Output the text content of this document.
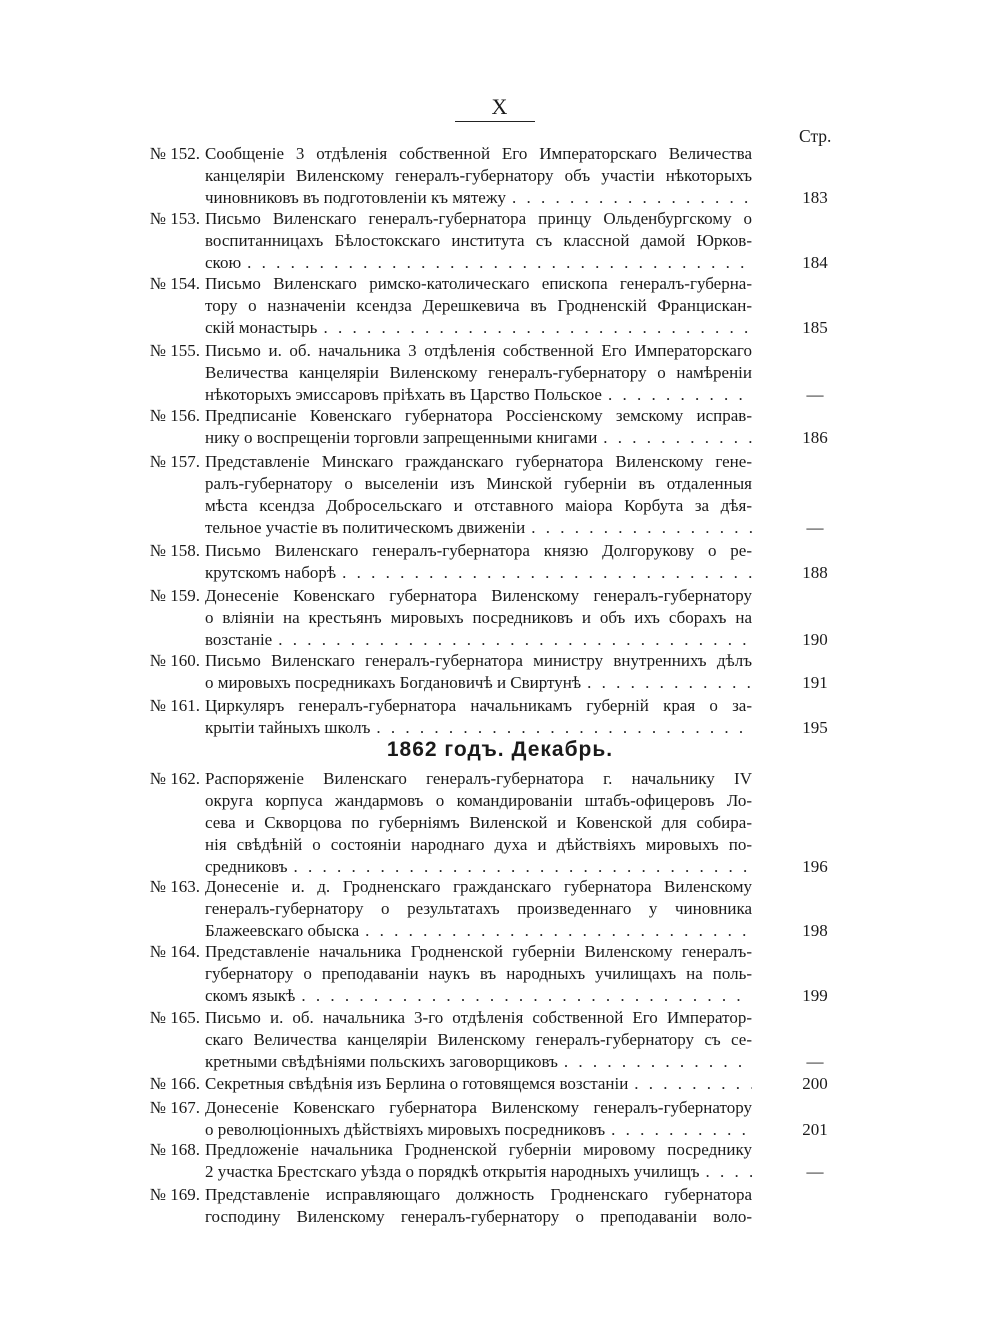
X
Стр.
1862 годъ. Декабрь.
№ 152. Сообщеніе 3 отдѣленія собственной Его Императорскаго Величества
канцеляріи Виленскому генералъ-губернатору объ участіи нѣкоторыхъ
чиновниковъ въ подготовленіи къ мятежу . . .	183
№ 153. Письмо Виленскаго генералъ-губернатора принцу Ольденбургскому о
воспитанницахъ Бѣлостокскаго института съ классной дамой Юрков-
скою . . .	184
№ 154. Письмо Виленскаго римско-католическаго епископа генералъ-губерна-
тору о назначеніи ксендза Дерешкевича въ Гродненскій Францискан-
скій монастырь . . .	185
№ 155. Письмо и. об. начальника 3 отдѣленія собственной Его Императорскаго
Величества канцеляріи Виленскому генералъ-губернатору о намѣреніи
нѣкоторыхъ эмиссаровъ пріѣхать въ Царство Польское . . .	—
№ 156. Предписаніе Ковенскаго губернатора Россіенскому земскому исправ-
нику о воспрещеніи торговли запрещенными книгами . . .	186
№ 157. Представленіе Минскаго гражданскаго губернатора Виленскому гене-
ралъ-губернатору о выселеніи изъ Минской губерніи въ отдаленныя
мѣста ксендза Добросельскаго и отставного маіора Корбута за дѣя-
тельное участіе въ политическомъ движеніи . . .	—
№ 158. Письмо Виленскаго генералъ-губернатора князю Долгорукову о ре-
крутскомъ наборѣ . . .	188
№ 159. Донесеніе Ковенскаго губернатора Виленскому генералъ-губернатору
о вліяніи на крестьянъ мировыхъ посредниковъ и объ ихъ сборахъ на
возстаніе . . .	190
№ 160. Письмо Виленскаго генералъ-губернатора министру внутреннихъ дѣлъ
о мировыхъ посредникахъ Богдановичѣ и Свиртунѣ . . .	191
№ 161. Циркуляръ генералъ-губернатора начальникамъ губерній края о за-
крытіи тайныхъ школъ . . .	195
№ 162. Распоряженіе Виленскаго генералъ-губернатора г. начальнику IV
округа корпуса жандармовъ о командированіи штабъ-офицеровъ Ло-
сева и Скворцова по губерніямъ Виленской и Ковенской для собира-
нія свѣдѣній о состояніи народнаго духа и дѣйствіяхъ мировыхъ по-
средниковъ . . .	196
№ 163. Донесеніе и. д. Гродненскаго гражданскаго губернатора Виленскому
генералъ-губернатору о результатахъ произведеннаго у чиновника
Блажеевскаго обыска . . .	198
№ 164. Представленіе начальника Гродненской губерніи Виленскому генералъ-
губернатору о преподаваніи наукъ въ народныхъ училищахъ на поль-
скомъ языкѣ . . .	199
№ 165. Письмо и. об. начальника 3-го отдѣленія собственной Его Император-
скаго Величества канцеляріи Виленскому генералъ-губернатору съ се-
кретными свѣдѣніями польскихъ заговорщиковъ . . .	—
№ 166. Секретныя свѣдѣнія изъ Берлина о готовящемся возстаніи . . .	200
№ 167. Донесеніе Ковенскаго губернатора Виленскому генералъ-губернатору
о революціонныхъ дѣйствіяхъ мировыхъ посредниковъ . . .	201
№ 168. Предложеніе начальника Гродненской губерніи мировому посреднику
2 участка Брестскаго уѣзда о порядкѣ открытія народныхъ училищъ . . .	—
№ 169. Представленіе исправляющаго должность Гродненскаго губернатора
господину Виленскому генералъ-губернатору о преподаваніи воло-
